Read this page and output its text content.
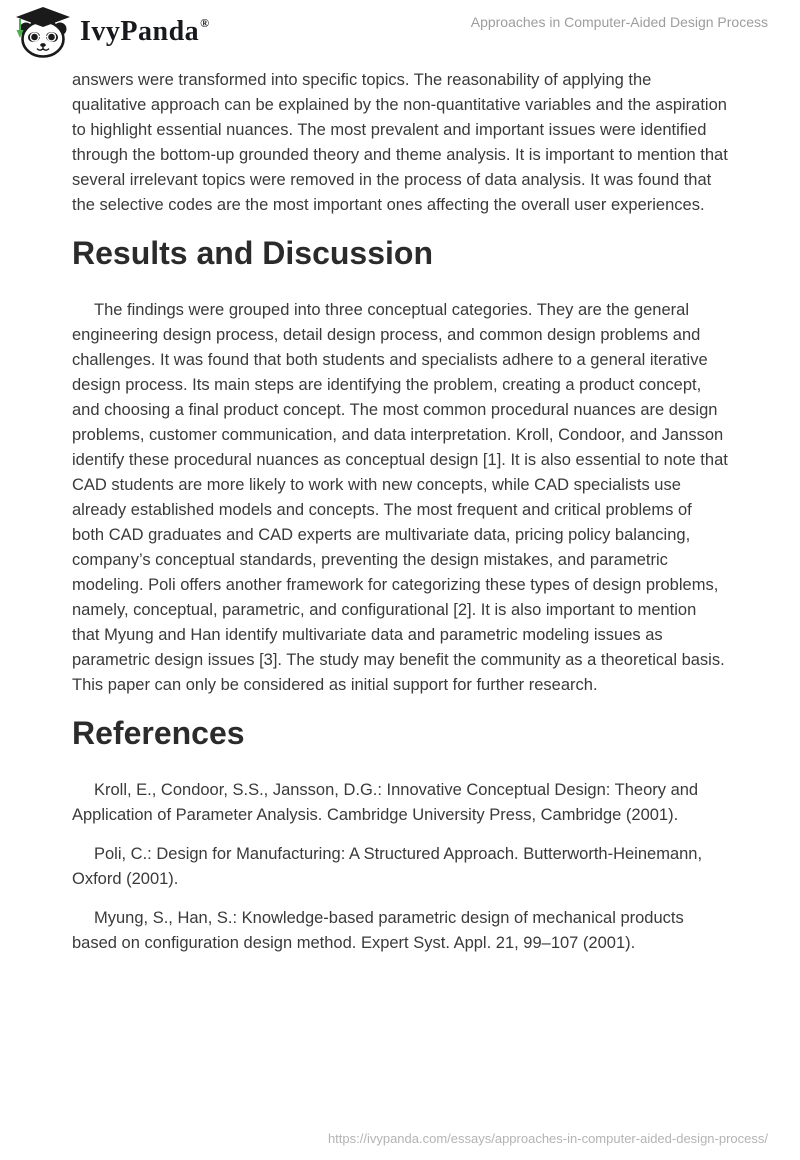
IvyPanda®	Approaches in Computer-Aided Design Process

answers were transformed into specific topics. The reasonability of applying the qualitative approach can be explained by the non-quantitative variables and the aspiration to highlight essential nuances. The most prevalent and important issues were identified through the bottom-up grounded theory and theme analysis. It is important to mention that several irrelevant topics were removed in the process of data analysis. It was found that the selective codes are the most important ones affecting the overall user experiences.

Results and Discussion

The findings were grouped into three conceptual categories. They are the general engineering design process, detail design process, and common design problems and challenges. It was found that both students and specialists adhere to a general iterative design process. Its main steps are identifying the problem, creating a product concept, and choosing a final product concept. The most common procedural nuances are design problems, customer communication, and data interpretation. Kroll, Condoor, and Jansson identify these procedural nuances as conceptual design [1]. It is also essential to note that CAD students are more likely to work with new concepts, while CAD specialists use already established models and concepts. The most frequent and critical problems of both CAD graduates and CAD experts are multivariate data, pricing policy balancing, company’s conceptual standards, preventing the design mistakes, and parametric modeling. Poli offers another framework for categorizing these types of design problems, namely, conceptual, parametric, and configurational [2]. It is also important to mention that Myung and Han identify multivariate data and parametric modeling issues as parametric design issues [3]. The study may benefit the community as a theoretical basis. This paper can only be considered as initial support for further research.

References

Kroll, E., Condoor, S.S., Jansson, D.G.: Innovative Conceptual Design: Theory and Application of Parameter Analysis. Cambridge University Press, Cambridge (2001).

Poli, C.: Design for Manufacturing: A Structured Approach. Butterworth-Heinemann, Oxford (2001).

Myung, S., Han, S.: Knowledge-based parametric design of mechanical products based on configuration design method. Expert Syst. Appl. 21, 99–107 (2001).

https://ivypanda.com/essays/approaches-in-computer-aided-design-process/
